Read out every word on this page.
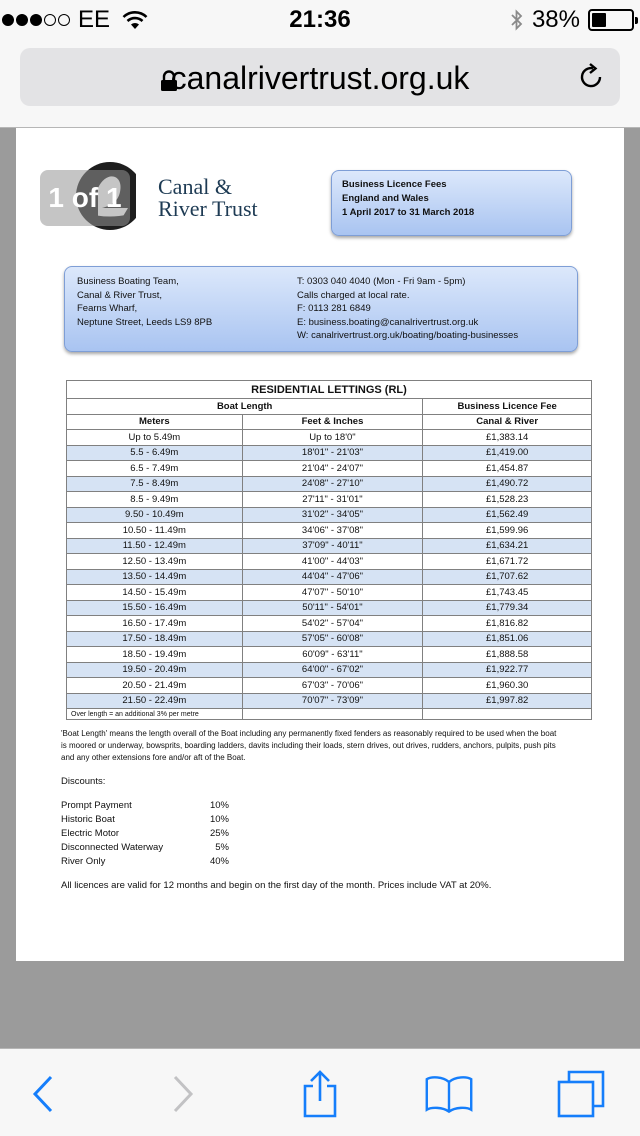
EE	21:36	38%
canalrivertrust.org.uk
Canal &
River Trust
1 of 1	Business Licence Fees
England and Wales
1 April 2017 to 31 March 2018
Business Boating Team,
Canal & River Trust,
Fearns Wharf,
Neptune Street, Leeds LS9 8PB
T: 0303 040 4040 (Mon - Fri 9am - 5pm)
Calls charged at local rate.
F: 0113 281 6849
E: business.boating@canalrivertrust.org.uk
W: canalrivertrust.org.uk/boating/boating-businesses
RESIDENTIAL LETTINGS (RL)		
Boat Length		Business Licence Fee
Meters	Feet & Inches	Canal & River
Up to 5.49m	Up to 18'0"	£1,383.14
5.5 - 6.49m	18'01" - 21'03"	£1,419.00
6.5 - 7.49m	21'04" - 24'07"	£1,454.87
7.5 - 8.49m	24'08" - 27'10"	£1,490.72
8.5 - 9.49m	27'11" - 31'01"	£1,528.23
9.50 - 10.49m	31'02" - 34'05"	£1,562.49
10.50 - 11.49m	34'06" - 37'08"	£1,599.96
11.50 - 12.49m	37'09" - 40'11"	£1,634.21
12.50 - 13.49m	41'00" - 44'03"	£1,671.72
13.50 - 14.49m	44'04" - 47'06"	£1,707.62
14.50 - 15.49m	47'07" - 50'10"	£1,743.45
15.50 - 16.49m	50'11" - 54'01"	£1,779.34
16.50 - 17.49m	54'02" - 57'04"	£1,816.82
17.50 - 18.49m	57'05" - 60'08"	£1,851.06
18.50 - 19.49m	60'09" - 63'11"	£1,888.58
19.50 - 20.49m	64'00" - 67'02"	£1,922.77
20.50 - 21.49m	67'03" - 70'06"	£1,960.30
21.50 - 22.49m	70'07" - 73'09"	£1,997.82
Over length = an additional 3% per metre		
'Boat Length' means the length overall of the Boat including any permanently fixed fenders as reasonably required to be used when the boat is moored or underway, bowsprits, boarding ladders, davits including their loads, stern drives, out drives, rudders, anchors, pulpits, push pits and any other extensions fore and/or aft of the Boat.
Discounts:
Prompt Payment	10%
Historic Boat	10%
Electric Motor	25%
Disconnected Waterway	5%
River Only	40%
All licences are valid for 12 months and begin on the first day of the month. Prices include VAT at 20%.
